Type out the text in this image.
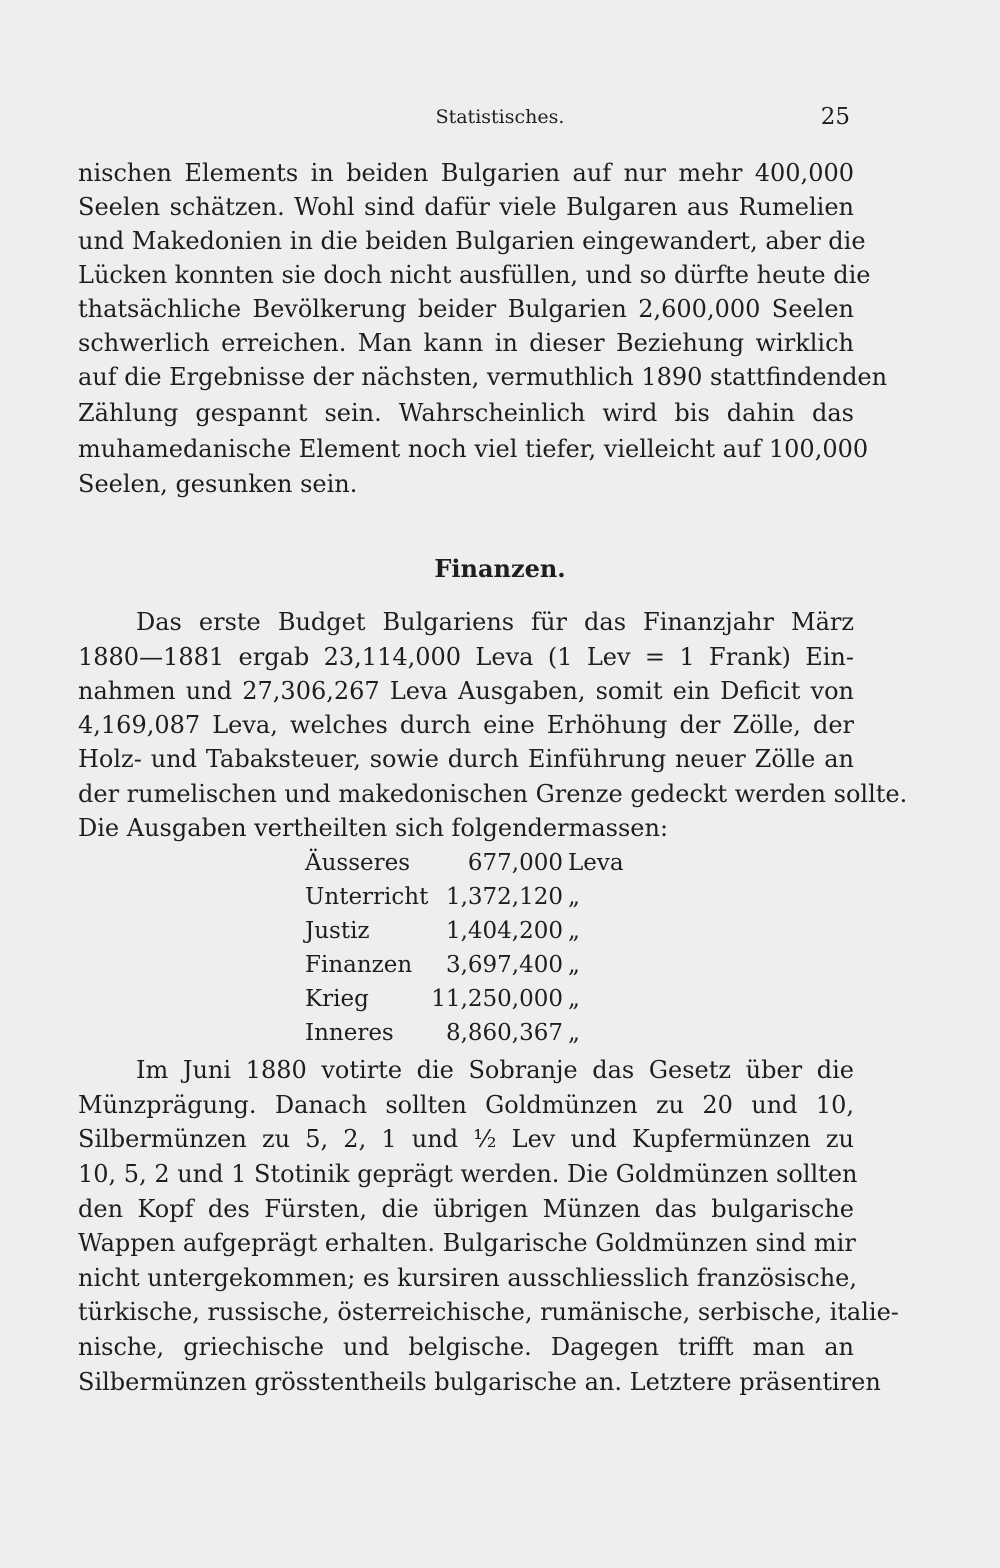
Statistisches.	25
nischen Elements in beiden Bulgarien auf nur mehr 400,000
Seelen schätzen. Wohl sind dafür viele Bulgaren aus Rumelien
und Makedonien in die beiden Bulgarien eingewandert, aber die
Lücken konnten sie doch nicht ausfüllen, und so dürfte heute die
thatsächliche Bevölkerung beider Bulgarien 2,600,000 Seelen
schwerlich erreichen. Man kann in dieser Beziehung wirklich
auf die Ergebnisse der nächsten, vermuthlich 1890 stattfindenden
Zählung gespannt sein. Wahrscheinlich wird bis dahin das
muhamedanische Element noch viel tiefer, vielleicht auf 100,000
Seelen, gesunken sein.
Finanzen.
Das erste Budget Bulgariens für das Finanzjahr März
1880—1881 ergab 23,114,000 Leva (1 Lev = 1 Frank) Ein-
nahmen und 27,306,267 Leva Ausgaben, somit ein Deficit von
4,169,087 Leva, welches durch eine Erhöhung der Zölle, der
Holz- und Tabaksteuer, sowie durch Einführung neuer Zölle an
der rumelischen und makedonischen Grenze gedeckt werden sollte.
Die Ausgaben vertheilten sich folgendermassen:
Äusseres	677,000 Leva
Unterricht 1,372,120 „
Justiz	1,404,200 „
Finanzen 3,697,400 „
Krieg	11,250,000 „
Inneres 8,860,367 „
Im Juni 1880 votirte die Sobranje das Gesetz über die
Münzprägung. Danach sollten Goldmünzen zu 20 und 10,
Silbermünzen zu 5, 2, 1 und ½ Lev und Kupfermünzen zu
10, 5, 2 und 1 Stotinik geprägt werden. Die Goldmünzen sollten
den Kopf des Fürsten, die übrigen Münzen das bulgarische
Wappen aufgeprägt erhalten. Bulgarische Goldmünzen sind mir
nicht untergekommen; es kursiren ausschliesslich französische,
türkische, russische, österreichische, rumänische, serbische, italie-
nische, griechische und belgische. Dagegen trifft man an
Silbermünzen grösstentheils bulgarische an. Letztere präsentiren
